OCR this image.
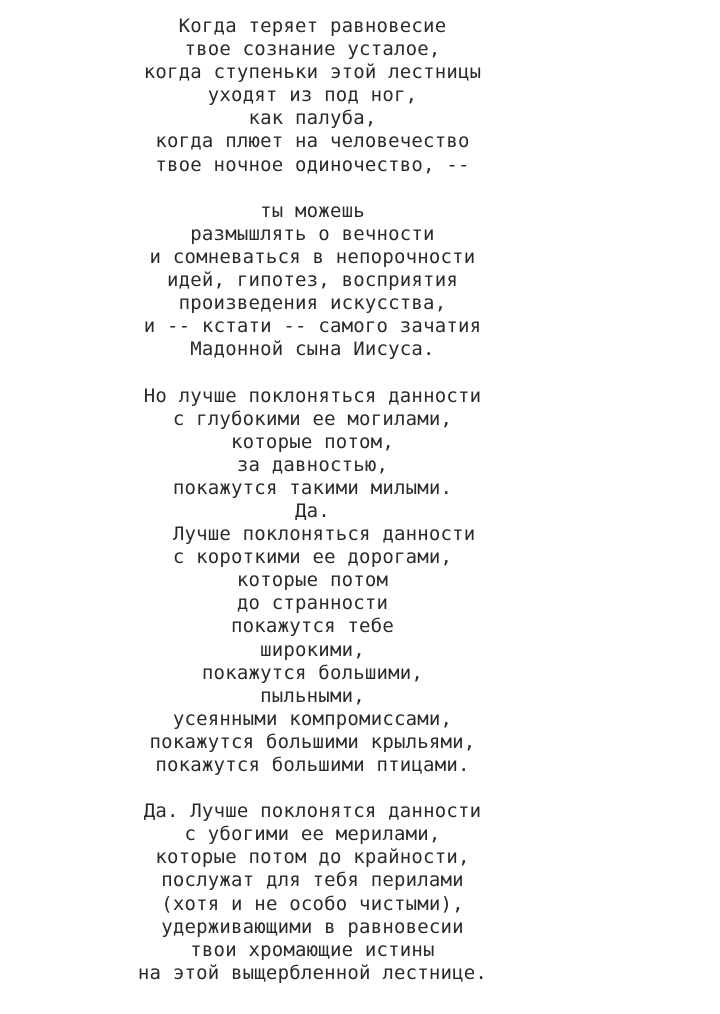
Когда теряет равновесие
твое сознание усталое,
когда ступеньки этой лестницы
уходят из под ног,
как палуба,
когда плюет на человечество
твое ночное одиночество, --
ты можешь
размышлять о вечности
и сомневаться в непорочности
идей, гипотез, восприятия
произведения искусства,
и -- кстати -- самого зачатия
Мадонной сына Иисуса.
Но лучше поклоняться данности
с глубокими ее могилами,
которые потом,
за давностью,
покажутся такими милыми.
Да.
Лучше поклоняться данности
с короткими ее дорогами,
которые потом
до странности
покажутся тебе
широкими,
покажутся большими,
пыльными,
усеянными компромиссами,
покажутся большими крыльями,
покажутся большими птицами.
Да. Лучше поклонятся данности
с убогими ее мерилами,
которые потом до крайности,
послужат для тебя перилами
(хотя и не особо чистыми),
удерживающими в равновесии
твои хромающие истины
на этой выщербленной лестнице.
